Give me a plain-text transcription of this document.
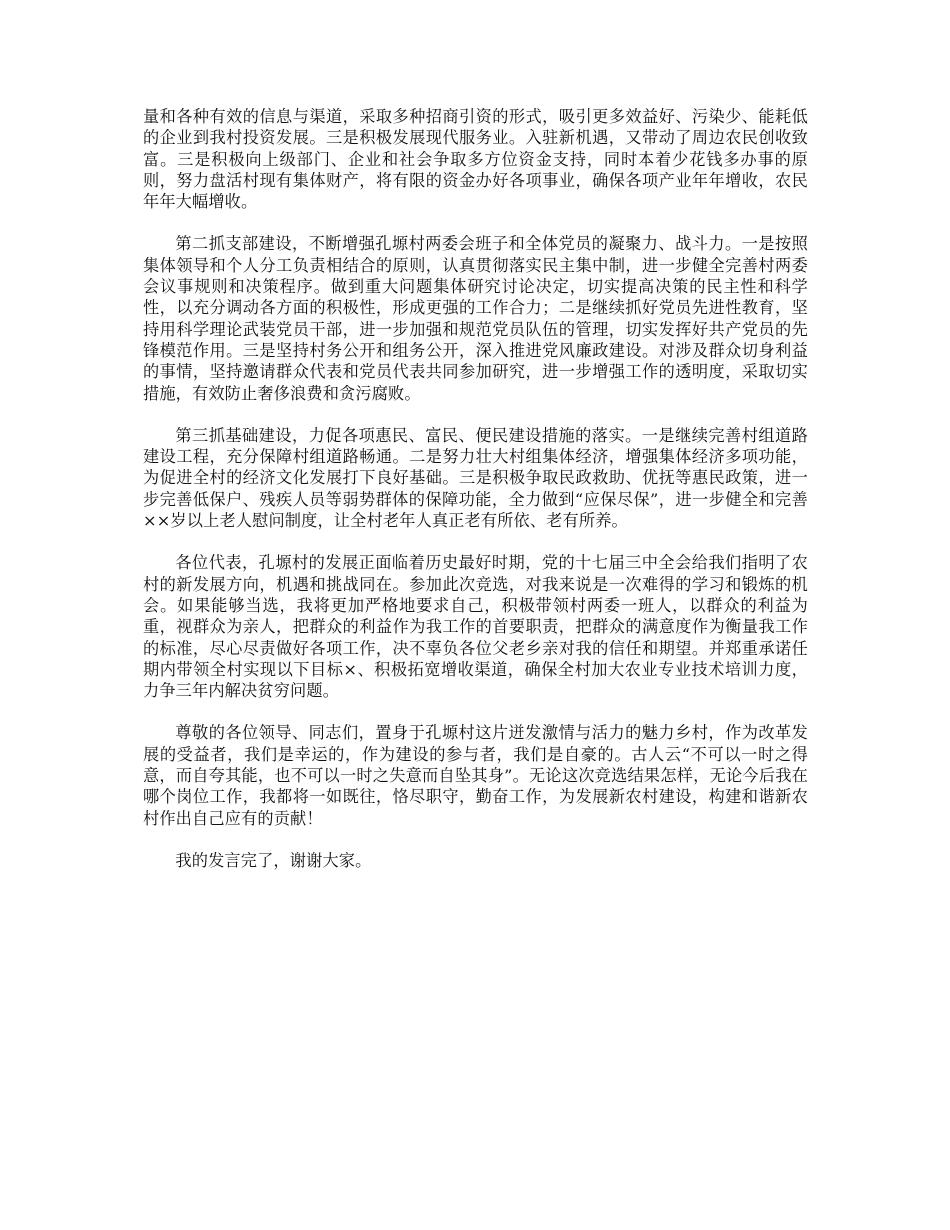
量和各种有效的信息与渠道，采取多种招商引资的形式，吸引更多效益好、污染少、能耗低的企业到我村投资发展。三是积极发展现代服务业。入驻新机遇，又带动了周边农民创收致富。三是积极向上级部门、企业和社会争取多方位资金支持，同时本着少花钱多办事的原则，努力盘活村现有集体财产，将有限的资金办好各项事业，确保各项产业年年增收，农民年年大幅增收。

第二抓支部建设，不断增强孔塬村两委会班子和全体党员的凝聚力、战斗力。一是按照集体领导和个人分工负责相结合的原则，认真贯彻落实民主集中制，进一步健全完善村两委会议事规则和决策程序。做到重大问题集体研究讨论决定，切实提高决策的民主性和科学性，以充分调动各方面的积极性，形成更强的工作合力；二是继续抓好党员先进性教育，坚持用科学理论武装党员干部，进一步加强和规范党员队伍的管理，切实发挥好共产党员的先锋模范作用。三是坚持村务公开和组务公开，深入推进党风廉政建设。对涉及群众切身利益的事情，坚持邀请群众代表和党员代表共同参加研究，进一步增强工作的透明度，采取切实措施，有效防止奢侈浪费和贪污腐败。

第三抓基础建设，力促各项惠民、富民、便民建设措施的落实。一是继续完善村组道路建设工程，充分保障村组道路畅通。二是努力壮大村组集体经济，增强集体经济多项功能，为促进全村的经济文化发展打下良好基础。三是积极争取民政救助、优抚等惠民政策，进一步完善低保户、残疾人员等弱势群体的保障功能，全力做到“应保尽保”，进一步健全和完善××岁以上老人慰问制度，让全村老年人真正老有所依、老有所养。

各位代表，孔塬村的发展正面临着历史最好时期，党的十七届三中全会给我们指明了农村的新发展方向，机遇和挑战同在。参加此次竞选，对我来说是一次难得的学习和锻炼的机会。如果能够当选，我将更加严格地要求自己，积极带领村两委一班人，以群众的利益为重，视群众为亲人，把群众的利益作为我工作的首要职责，把群众的满意度作为衡量我工作的标准，尽心尽责做好各项工作，决不辜负各位父老乡亲对我的信任和期望。并郑重承诺任期内带领全村实现以下目标×、积极拓宽增收渠道，确保全村加大农业专业技术培训力度，力争三年内解决贫穷问题。

尊敬的各位领导、同志们，置身于孔塬村这片迸发激情与活力的魅力乡村，作为改革发展的受益者，我们是幸运的，作为建设的参与者，我们是自豪的。古人云“不可以一时之得意，而自夸其能，也不可以一时之失意而自坠其身”。无论这次竞选结果怎样，无论今后我在哪个岗位工作，我都将一如既往，恪尽职守，勤奋工作，为发展新农村建设，构建和谐新农村作出自己应有的贡献！

我的发言完了，谢谢大家。
